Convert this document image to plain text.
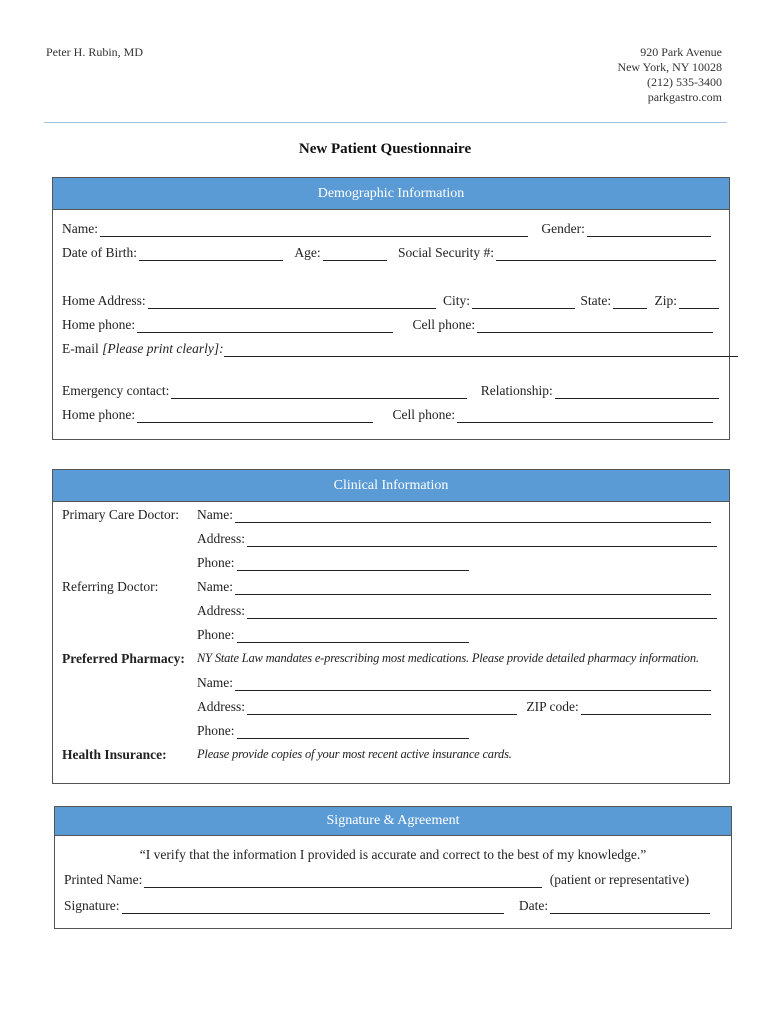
Peter H. Rubin, MD	920 Park Avenue
New York, NY 10028
(212) 535-3400
parkgastro.com
New Patient Questionnaire
Demographic Information
Name:	Gender:
Date of Birth:	Age:	Social Security #:
Home Address:	City:	State:	Zip:
Home phone:	Cell phone:
E-mail [Please print clearly]:
Emergency contact:	Relationship:
Home phone:	Cell phone:
Clinical Information
Primary Care Doctor: Name:
Address:
Phone:
Referring Doctor:	Name:
Address:
Phone:
Preferred Pharmacy: NY State Law mandates e-prescribing most medications. Please provide detailed pharmacy information.
Name:
Address:	ZIP code:
Phone:
Health Insurance: Please provide copies of your most recent active insurance cards.
Signature & Agreement
“I verify that the information I provided is accurate and correct to the best of my knowledge.”
Printed Name:	(patient or representative)
Signature:	Date:
